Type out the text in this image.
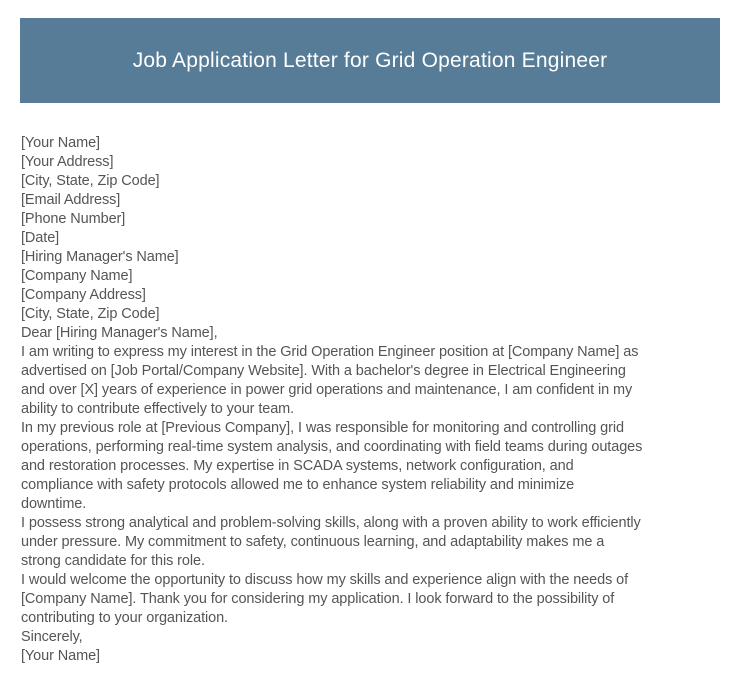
Job Application Letter for Grid Operation Engineer
[Your Name]
[Your Address]
[City, State, Zip Code]
[Email Address]
[Phone Number]
[Date]
[Hiring Manager's Name]
[Company Name]
[Company Address]
[City, State, Zip Code]
Dear [Hiring Manager's Name],
I am writing to express my interest in the Grid Operation Engineer position at [Company Name] as
advertised on [Job Portal/Company Website]. With a bachelor's degree in Electrical Engineering
and over [X] years of experience in power grid operations and maintenance, I am confident in my
ability to contribute effectively to your team.
In my previous role at [Previous Company], I was responsible for monitoring and controlling grid
operations, performing real-time system analysis, and coordinating with field teams during outages
and restoration processes. My expertise in SCADA systems, network configuration, and
compliance with safety protocols allowed me to enhance system reliability and minimize
downtime.
I possess strong analytical and problem-solving skills, along with a proven ability to work efficiently
under pressure. My commitment to safety, continuous learning, and adaptability makes me a
strong candidate for this role.
I would welcome the opportunity to discuss how my skills and experience align with the needs of
[Company Name]. Thank you for considering my application. I look forward to the possibility of
contributing to your organization.
Sincerely,
[Your Name]
